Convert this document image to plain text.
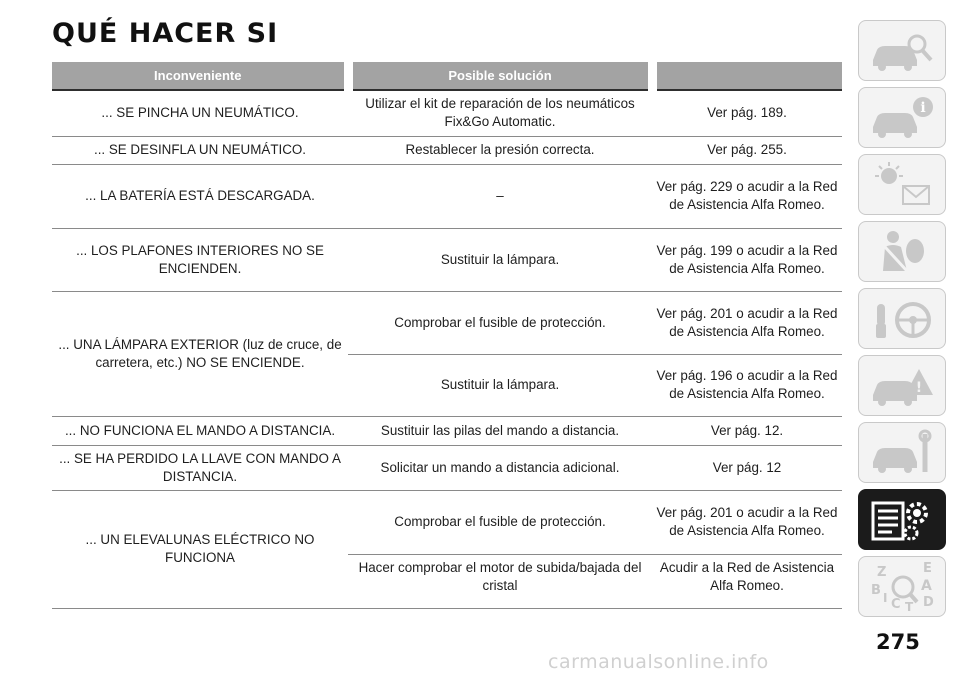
QUÉ HACER SI
Inconveniente	Posible solución	
... SE PINCHA UN NEUMÁTICO.	Utilizar el kit de reparación de los neumáticos Fix&Go Automatic.	Ver pág. 189.
... SE DESINFLA UN NEUMÁTICO.	Restablecer la presión correcta.	Ver pág. 255.
... LA BATERÍA ESTÁ DESCARGADA.	–	Ver pág. 229 o acudir a la Red de Asistencia Alfa Romeo.
... LOS PLAFONES INTERIORES NO SE ENCIENDEN.	Sustituir la lámpara.	Ver pág. 199 o acudir a la Red de Asistencia Alfa Romeo.
... UNA LÁMPARA EXTERIOR (luz de cruce, de carretera, etc.) NO SE ENCIENDE.	Comprobar el fusible de protección.	Ver pág. 201 o acudir a la Red de Asistencia Alfa Romeo.
	Sustituir la lámpara.	Ver pág. 196 o acudir a la Red de Asistencia Alfa Romeo.
... NO FUNCIONA EL MANDO A DISTANCIA.	Sustituir las pilas del mando a distancia.	Ver pág. 12.
... SE HA PERDIDO LA LLAVE CON MANDO A DISTANCIA.	Solicitar un mando a distancia adicional.	Ver pág. 12
... UN ELEVALUNAS ELÉCTRICO NO FUNCIONA	Comprobar el fusible de protección.	Ver pág. 201 o acudir a la Red de Asistencia Alfa Romeo.
	Hacer comprobar el motor de subida/bajada del cristal	Acudir a la Red de Asistencia Alfa Romeo.
i
!
Z	E
A
B
C D
T
I
275
carmanualsonline.info
